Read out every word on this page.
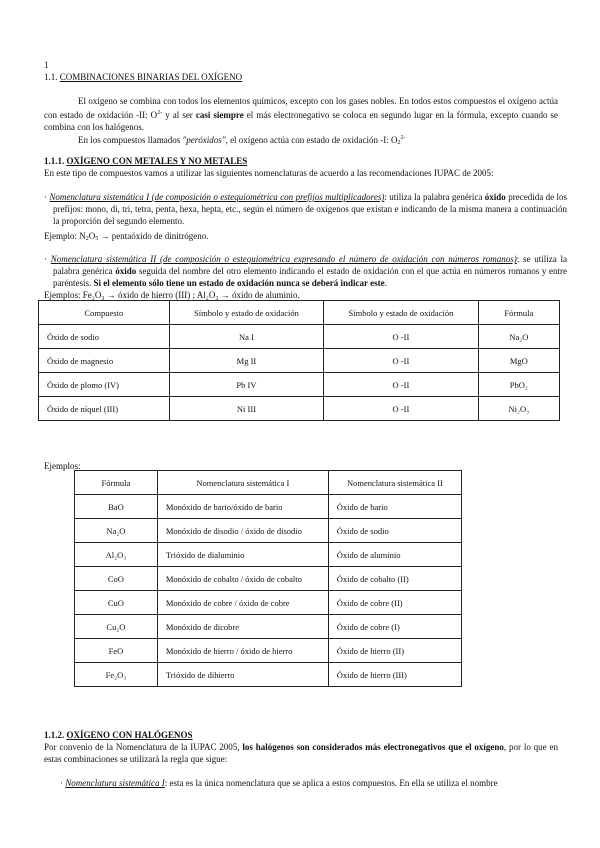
1
1.1. COMBINACIONES BINARIAS DEL OXÍGENO
El oxígeno se combina con todos los elementos químicos, excepto con los gases nobles. En todos estos compuestos el oxígeno actúa con estado de oxidación -II: $O^{2-}$ y al ser casi siempre el más electronegativo se coloca en segundo lugar en la fórmula, excepto cuando se combina con los halógenos.
En los compuestos llamados "peróxidos", el oxígeno actúa con estado de oxidación -I: $O_2^{2-}$
1.1.1. OXÍGENO CON METALES Y NO METALES
En este tipo de compuestos vamos a utilizar las siguientes nomenclaturas de acuerdo a las recomendaciones IUPAC de 2005:
· Nomenclatura sistemática I (de composición o estequiométrica con prefijos multiplicadores): utiliza la palabra genérica óxido precedida de los prefijos: mono, di, tri, tetra, penta, hexa, hepta, etc., según el número de oxígenos que existan e indicando de la misma manera a continuación la proporción del segundo elemento.
Ejemplo: $N_2O_5$ → pentaóxido de dinitrógeno.
· Nomenclatura sistemática II (de composición o estequiométrica expresando el número de oxidación con números romanos): se utiliza la palabra genérica óxido seguida del nombre del otro elemento indicando el estado de oxidación con el que actúa en números romanos y entre paréntesis. Si el elemento sólo tiene un estado de oxidación nunca se deberá indicar este.
Ejemplos: Fe₂O₃ → óxido de hierro (III) ; Al₂O₃ → óxido de aluminio.
Compuesto	Símbolo y estado de oxidación	Símbolo y estado de oxidación	Fórmula
Óxido de sodio	Na I	O -II	Na₂O
Óxido de magnesio	Mg II	O -II	MgO
Óxido de plomo (IV)	Pb IV	O -II	PbO₂
Óxido de níquel (III)	Ni III	O -II	Ni₂O₃
Ejemplos:
Fórmula	Nomenclatura sistemática I	Nomenclatura sistemática II
BaO	Monóxido de bario/óxido de bario	Óxido de bario
Na₂O	Monóxido de disodio / óxido de disodio	Óxido de sodio
Al₂O₃	Trióxido de dialuminio	Óxido de aluminio
CoO	Monóxido de cobalto / óxido de cobalto	Óxido de cobalto (II)
CuO	Monóxido de cobre / óxido de cobre	Óxido de cobre (II)
Cu₂O	Monóxido de dicobre	Óxido de cobre (I)
FeO	Monóxido de hierro / óxido de hierro	Óxido de hierro (II)
Fe₂O₃	Trióxido de dihierro	Óxido de hierro (III)
1.1.2. OXÍGENO CON HALÓGENOS
Por convenio de la Nomenclatura de la IUPAC 2005, los halógenos son considerados más electronegativos que el oxígeno, por lo que en estas combinaciones se utilizará la regla que sigue:
· Nomenclatura sistemática I: esta es la única nomenclatura que se aplica a estos compuestos. En ella se utiliza el nombre
